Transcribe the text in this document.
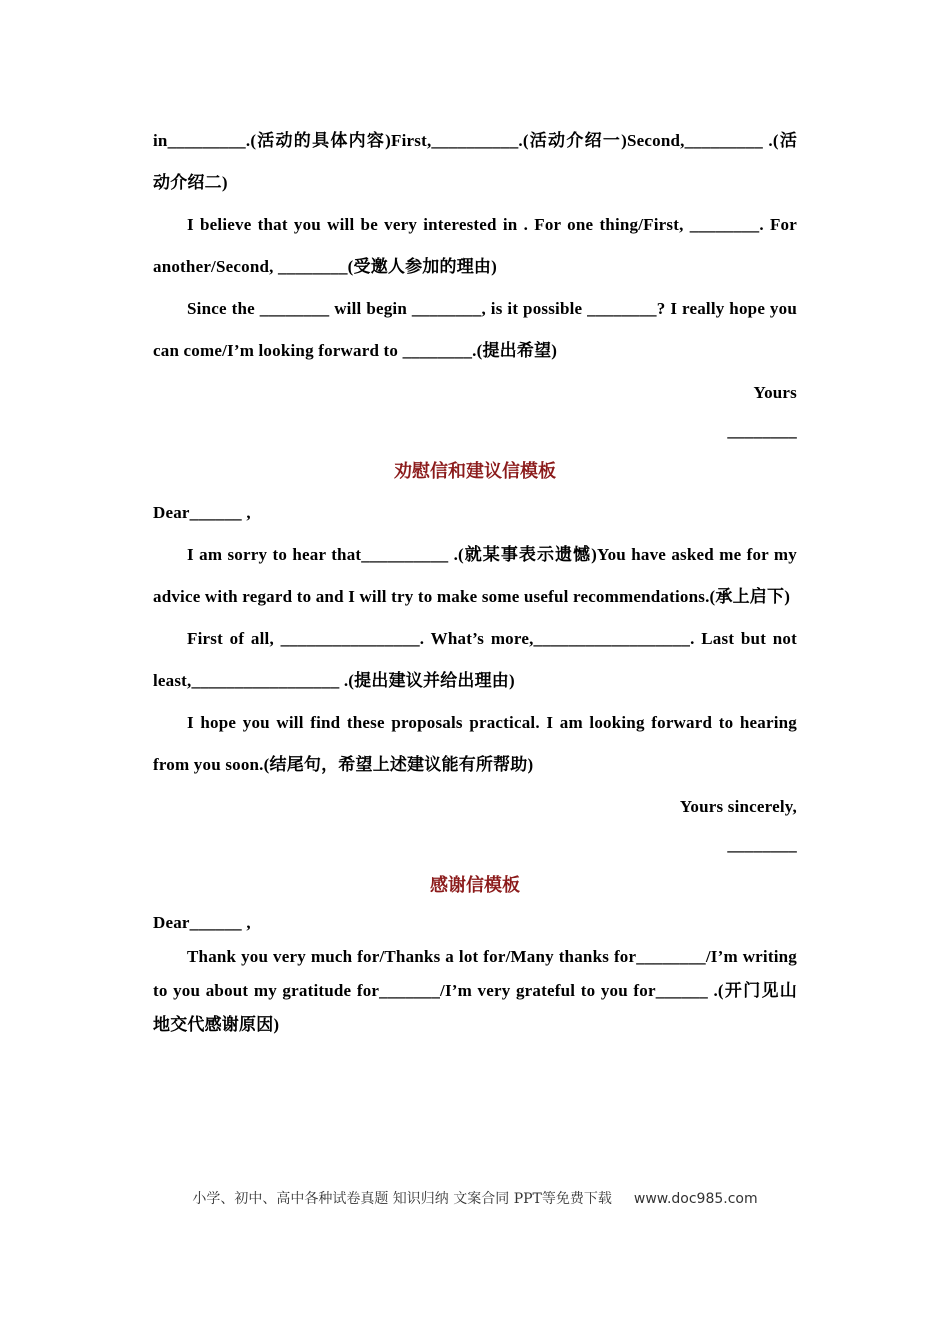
in_________.(活动的具体内容)First,__________.(活动介绍一)Second,_________ .(活动介绍二)

I believe that you will be very interested in . For one thing/First, ________. For another/Second, ________(受邀人参加的理由)

Since the ________ will begin ________, is it possible ________? I really hope you can come/I’m looking forward to ________.(提出希望)

Yours

________

劝慰信和建议信模板

Dear______ ,

I am sorry to hear that__________ .(就某事表示遗憾)You have asked me for my advice with regard to and I will try to make some useful recommendations.(承上启下)

First of all, ________________. What’s more,__________________. Last but not least,_________________ .(提出建议并给出理由)

I hope you will find these proposals practical. I am looking forward to hearing from you soon.(结尾句，希望上述建议能有所帮助)

Yours sincerely,

________

感谢信模板

Dear______ ,

Thank you very much for/Thanks a lot for/Many thanks for________/I’m writing to you about my gratitude for_______/I’m very grateful to you for______ .(开门见山地交代感谢原因)

小学、初中、高中各种试卷真题 知识归纳 文案合同 PPT等免费下载 www.doc985.com
